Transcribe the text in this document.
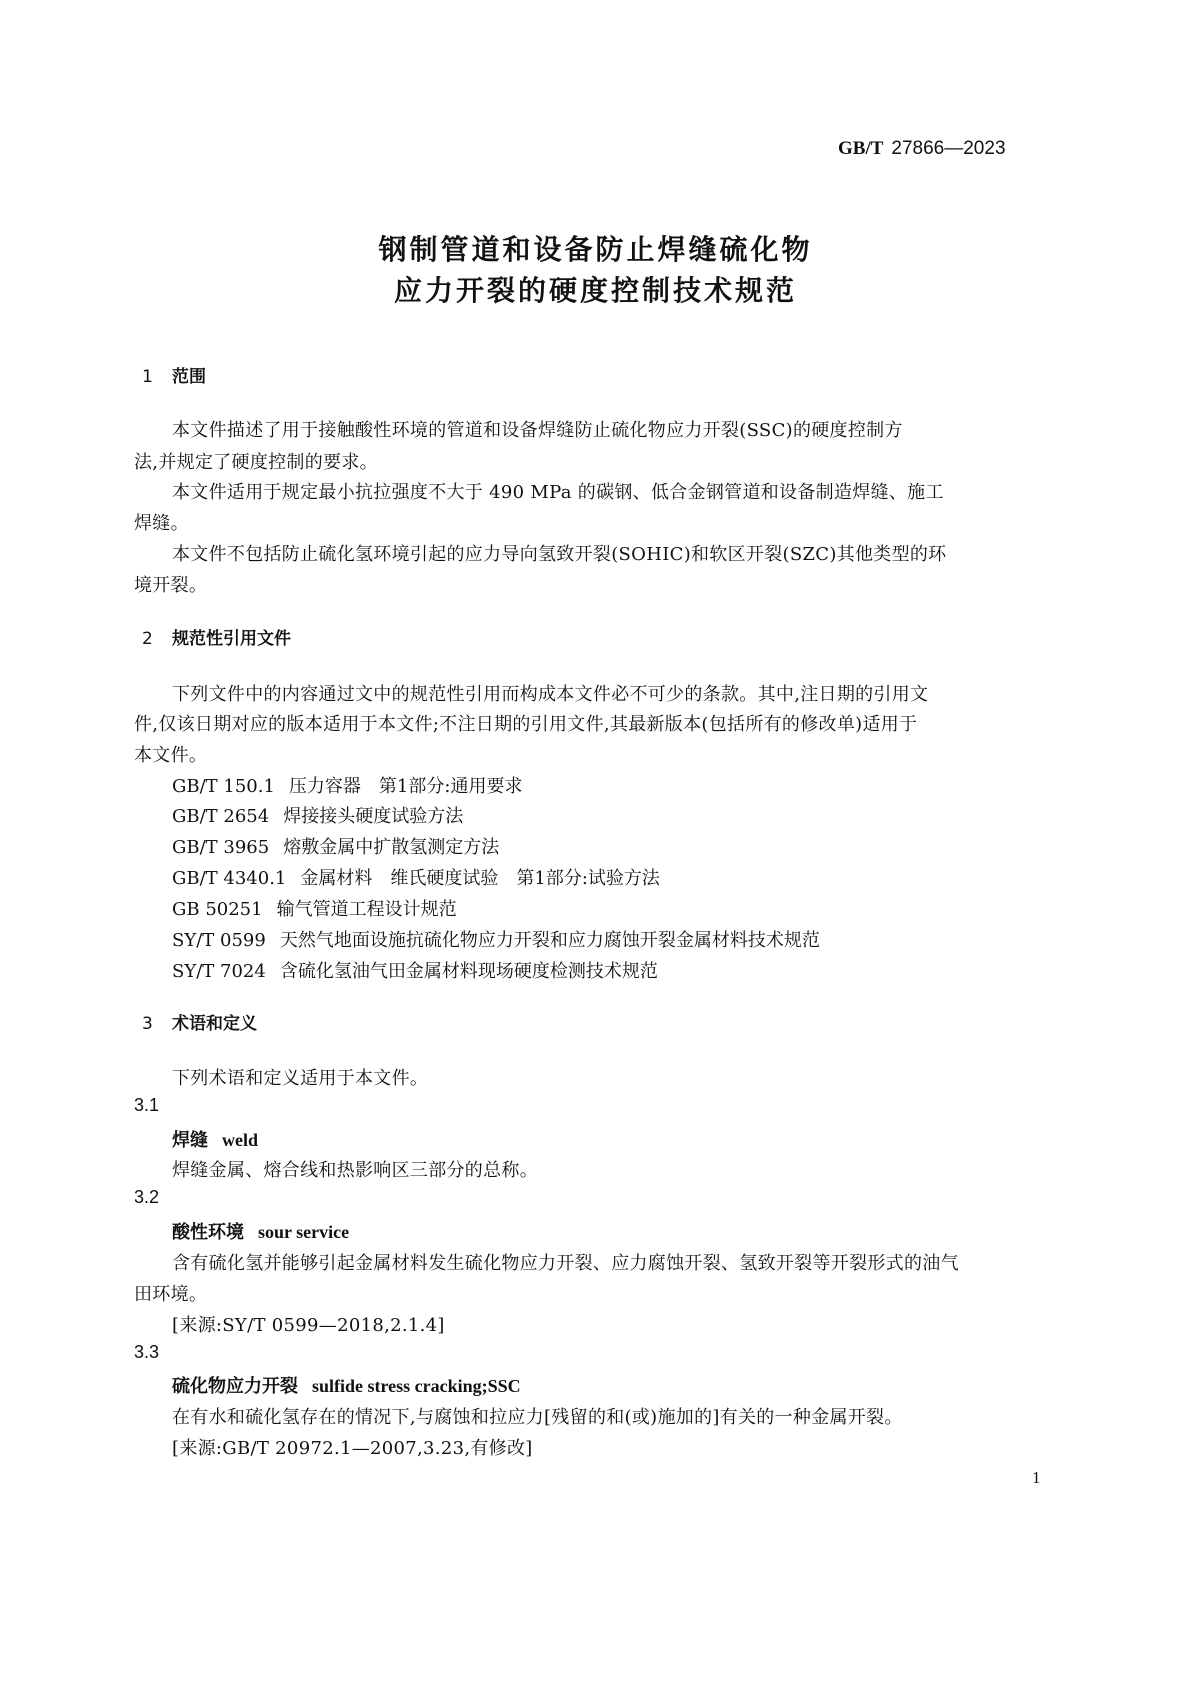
GB/T 27866—2023
钢制管道和设备防止焊缝硫化物
应力开裂的硬度控制技术规范
1 范围
本文件描述了用于接触酸性环境的管道和设备焊缝防止硫化物应力开裂(SSC)的硬度控制方
法,并规定了硬度控制的要求。
本文件适用于规定最小抗拉强度不大于 490 MPa 的碳钢、低合金钢管道和设备制造焊缝、施工
焊缝。
本文件不包括防止硫化氢环境引起的应力导向氢致开裂(SOHIC)和软区开裂(SZC)其他类型的环
境开裂。
2 规范性引用文件
下列文件中的内容通过文中的规范性引用而构成本文件必不可少的条款。其中,注日期的引用文
件,仅该日期对应的版本适用于本文件;不注日期的引用文件,其最新版本(包括所有的修改单)适用于
本文件。
GB/T 150.1 压力容器　第1部分:通用要求
GB/T 2654 焊接接头硬度试验方法
GB/T 3965 熔敷金属中扩散氢测定方法
GB/T 4340.1 金属材料　维氏硬度试验　第1部分:试验方法
GB 50251 输气管道工程设计规范
SY/T 0599 天然气地面设施抗硫化物应力开裂和应力腐蚀开裂金属材料技术规范
SY/T 7024 含硫化氢油气田金属材料现场硬度检测技术规范
3 术语和定义
下列术语和定义适用于本文件。
3.1
焊缝 weld
焊缝金属、熔合线和热影响区三部分的总称。
3.2
酸性环境 sour service
含有硫化氢并能够引起金属材料发生硫化物应力开裂、应力腐蚀开裂、氢致开裂等开裂形式的油气
田环境。
[来源:SY/T 0599—2018,2.1.4]
3.3
硫化物应力开裂 sulfide stress cracking;SSC
在有水和硫化氢存在的情况下,与腐蚀和拉应力[残留的和(或)施加的]有关的一种金属开裂。
[来源:GB/T 20972.1—2007,3.23,有修改]
1
